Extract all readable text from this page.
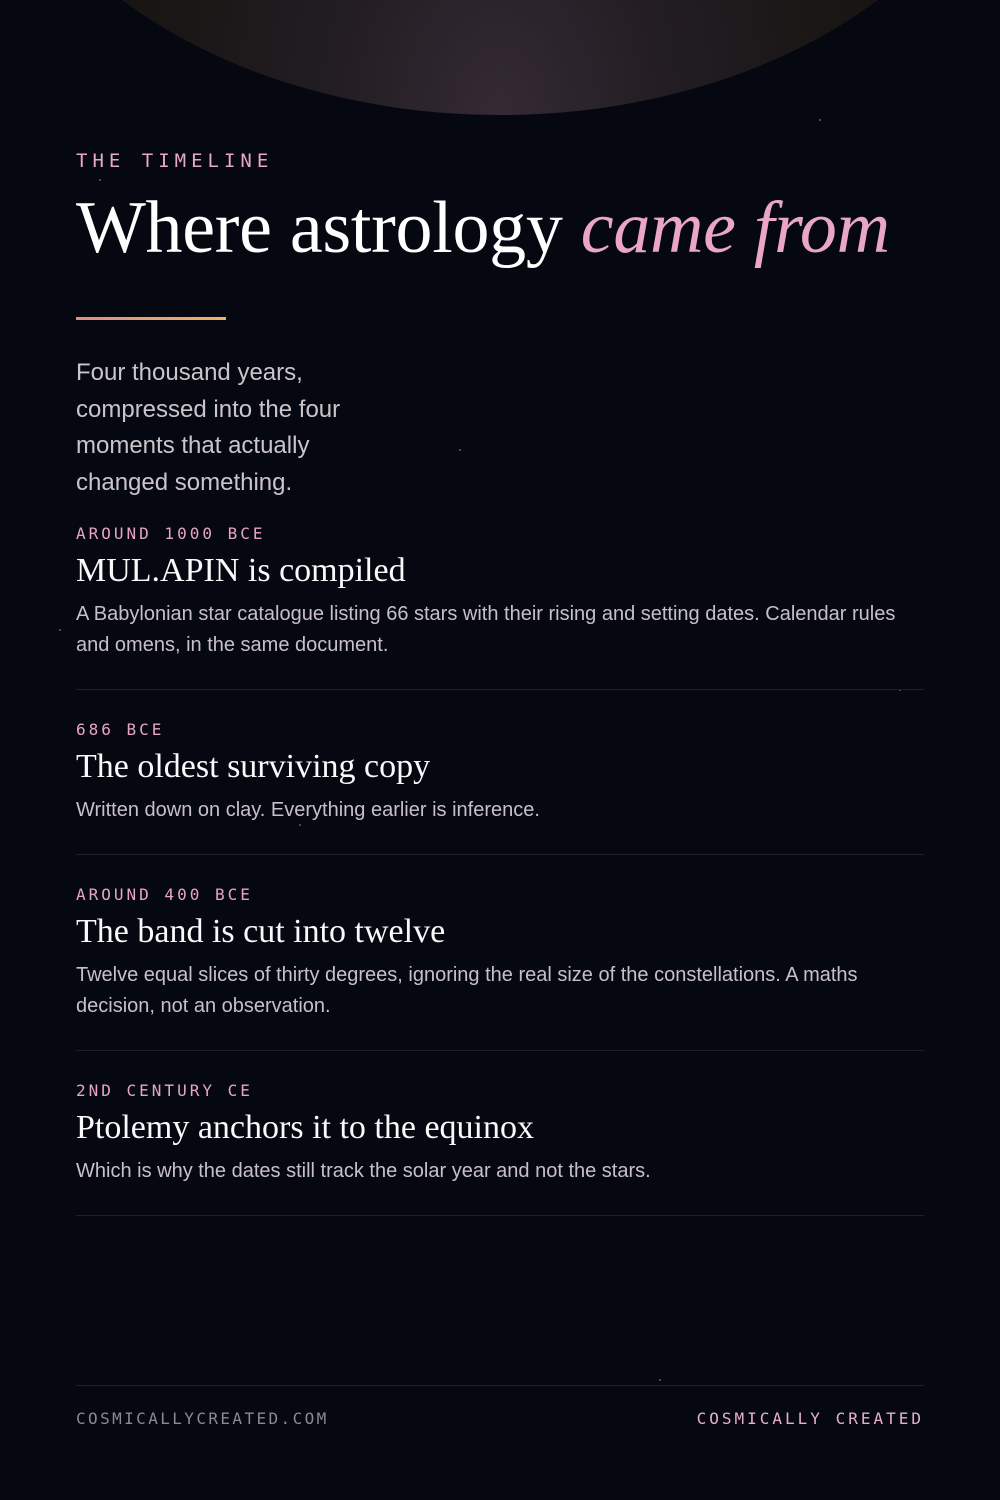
THE TIMELINE
Where astrology came from

Four thousand years, compressed into the four moments that actually changed something.

AROUND 1000 BCE
MUL.APIN is compiled

A Babylonian star catalogue listing 66 stars with their rising and setting dates. Calendar rules and omens, in the same document.

686 BCE
The oldest surviving copy

Written down on clay. Everything earlier is inference.

AROUND 400 BCE
The band is cut into twelve

Twelve equal slices of thirty degrees, ignoring the real size of the constellations. A maths decision, not an observation.

2ND CENTURY CE
Ptolemy anchors it to the equinox

Which is why the dates still track the solar year and not the stars.

COSMICALLYCREATED.COM	COSMICALLY CREATED
